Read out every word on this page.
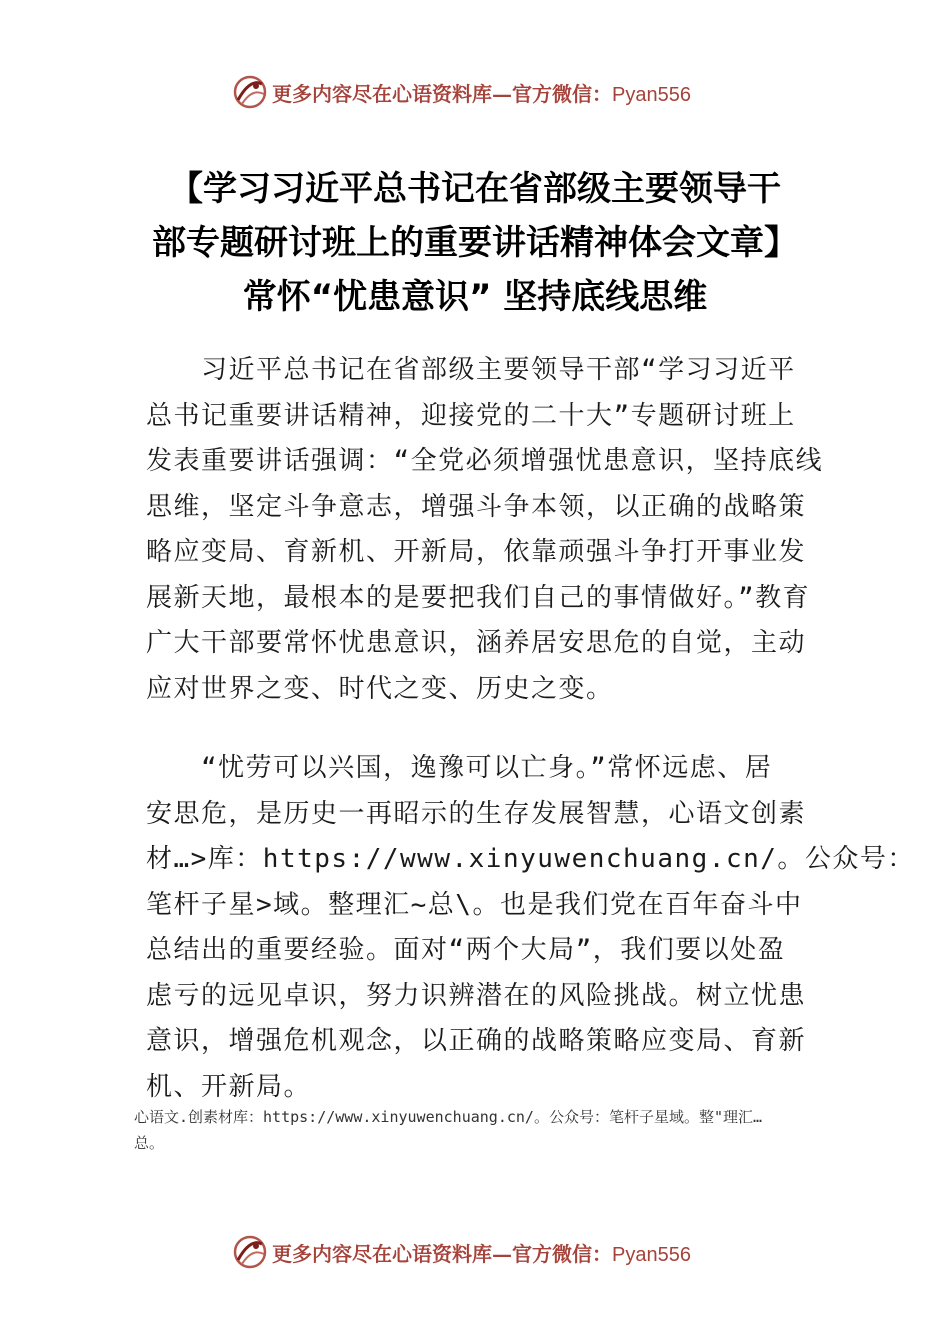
更多内容尽在心语资料库—官方微信：Pyan556
【学习习近平总书记在省部级主要领导干
部专题研讨班上的重要讲话精神体会文章】
常怀“忧患意识” 坚持底线思维
　　习近平总书记在省部级主要领导干部“学习习近平
总书记重要讲话精神，迎接党的二十大”专题研讨班上
发表重要讲话强调：“全党必须增强忧患意识，坚持底线
思维，坚定斗争意志，增强斗争本领，以正确的战略策
略应变局、育新机、开新局，依靠顽强斗争打开事业发
展新天地，最根本的是要把我们自己的事情做好。”教育
广大干部要常怀忧患意识，涵养居安思危的自觉，主动
应对世界之变、时代之变、历史之变。
　　“忧劳可以兴国，逸豫可以亡身。”常怀远虑、居
安思危，是历史一再昭示的生存发展智慧，心语文创素
材…>库：https://www.xinyuwenchuang.cn/。公众号：
笔杆子星>域。整理汇~总\。也是我们党在百年奋斗中
总结出的重要经验。面对“两个大局”，我们要以处盈
虑亏的远见卓识，努力识辨潜在的风险挑战。树立忧患
意识，增强危机观念，以正确的战略策略应变局、育新
机、开新局。
心语文.创素材库：https://www.xinyuwenchuang.cn/。公众号：笔杆子星域。整"理汇…
总。
更多内容尽在心语资料库—官方微信：Pyan556
